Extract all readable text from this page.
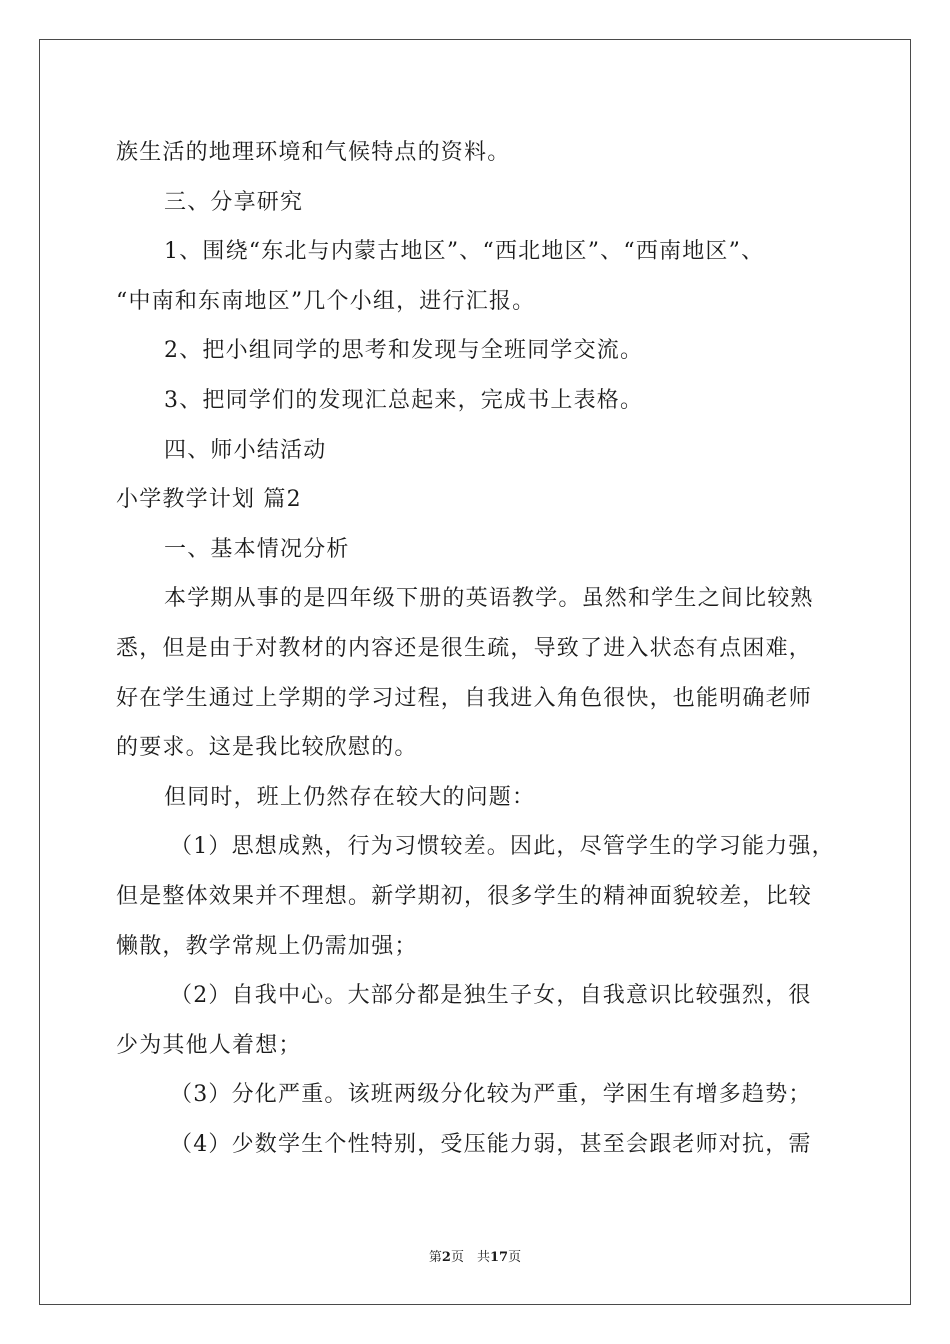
族生活的地理环境和气候特点的资料。
三、分享研究
1、围绕“东北与内蒙古地区”、“西北地区”、“西南地区”、
“中南和东南地区”几个小组，进行汇报。
2、把小组同学的思考和发现与全班同学交流。
3、把同学们的发现汇总起来，完成书上表格。
四、师小结活动
小学教学计划 篇2
一、基本情况分析
本学期从事的是四年级下册的英语教学。虽然和学生之间比较熟
悉，但是由于对教材的内容还是很生疏，导致了进入状态有点困难，
好在学生通过上学期的学习过程，自我进入角色很快，也能明确老师
的要求。这是我比较欣慰的。
但同时，班上仍然存在较大的问题：
（1）思想成熟，行为习惯较差。因此，尽管学生的学习能力强，
但是整体效果并不理想。新学期初，很多学生的精神面貌较差，比较
懒散，教学常规上仍需加强；
（2）自我中心。大部分都是独生子女，自我意识比较强烈，很
少为其他人着想；
（3）分化严重。该班两级分化较为严重，学困生有增多趋势；
（4）少数学生个性特别，受压能力弱，甚至会跟老师对抗，需
第2页　共17页
